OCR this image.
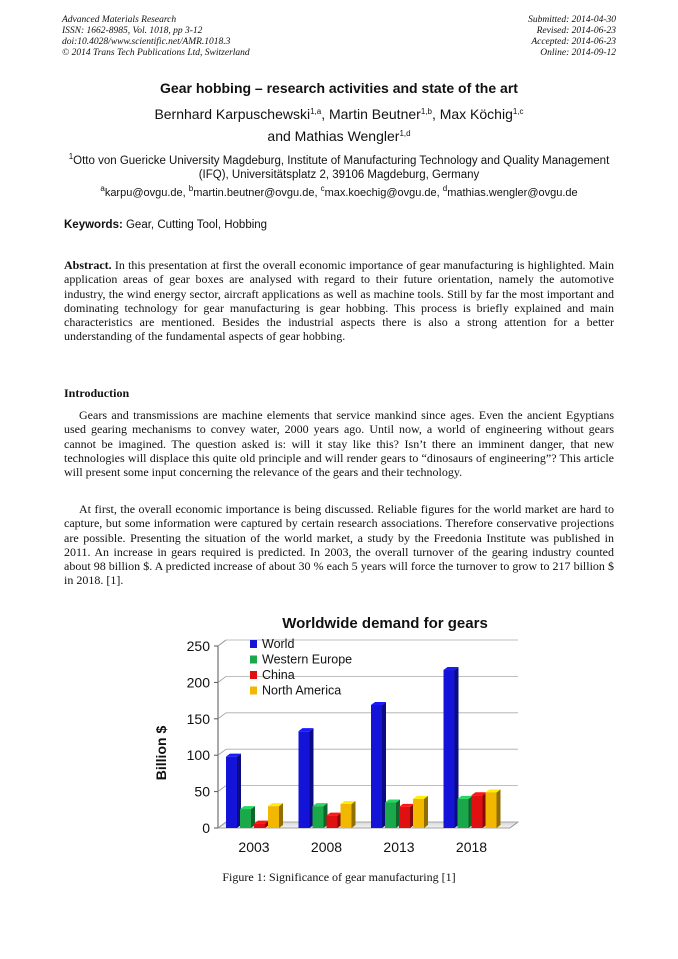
Advanced Materials Research
ISSN: 1662-8985, Vol. 1018, pp 3-12
doi:10.4028/www.scientific.net/AMR.1018.3
© 2014 Trans Tech Publications Ltd, Switzerland
Submitted: 2014-04-30
Revised: 2014-06-23
Accepted: 2014-06-23
Online: 2014-09-12
Gear hobbing – research activities and state of the art
Bernhard Karpuschewski$^{1,a}$, Martin Beutner$^{1,b}$, Max Köchig$^{1,c}$
and Mathias Wengler$^{1,d}$
$^1$Otto von Guericke University Magdeburg, Institute of Manufacturing Technology and Quality Management (IFQ), Universitätsplatz 2, 39106 Magdeburg, Germany
$^a$karpu@ovgu.de, $^b$martin.beutner@ovgu.de, $^c$max.koechig@ovgu.de, $^d$mathias.wengler@ovgu.de
Keywords: Gear, Cutting Tool, Hobbing
Abstract. In this presentation at first the overall economic importance of gear manufacturing is highlighted. Main application areas of gear boxes are analysed with regard to their future orientation, namely the automotive industry, the wind energy sector, aircraft applications as well as machine tools. Still by far the most important and dominating technology for gear manufacturing is gear hobbing. This process is briefly explained and main characteristics are mentioned. Besides the industrial aspects there is also a strong attention for a better understanding of the fundamental aspects of gear hobbing.
Introduction
Gears and transmissions are machine elements that service mankind since ages. Even the ancient Egyptians used gearing mechanisms to convey water, 2000 years ago. Until now, a world of engineering without gears cannot be imagined. The question asked is: will it stay like this? Isn’t there an imminent danger, that new technologies will displace this quite old principle and will render gears to “dinosaurs of engineering”? This article will present some input concerning the relevance of the gears and their technology.
At first, the overall economic importance is being discussed. Reliable figures for the world market are hard to capture, but some information were captured by certain research associations. Therefore conservative projections are possible. Presenting the situation of the world market, a study by the Freedonia Institute was published in 2011. An increase in gears required is predicted. In 2003, the overall turnover of the gearing industry counted about 98 billion $. A predicted increase of about 30 % each 5 years will force the turnover to grow to 217 billion $ in 2018. [1].
Worldwide demand for gears
Billion $
0
50
100
150
200
250
2003	2008	2013	2018
World
Western Europe
China
North America
Figure 1: Significance of gear manufacturing [1]
